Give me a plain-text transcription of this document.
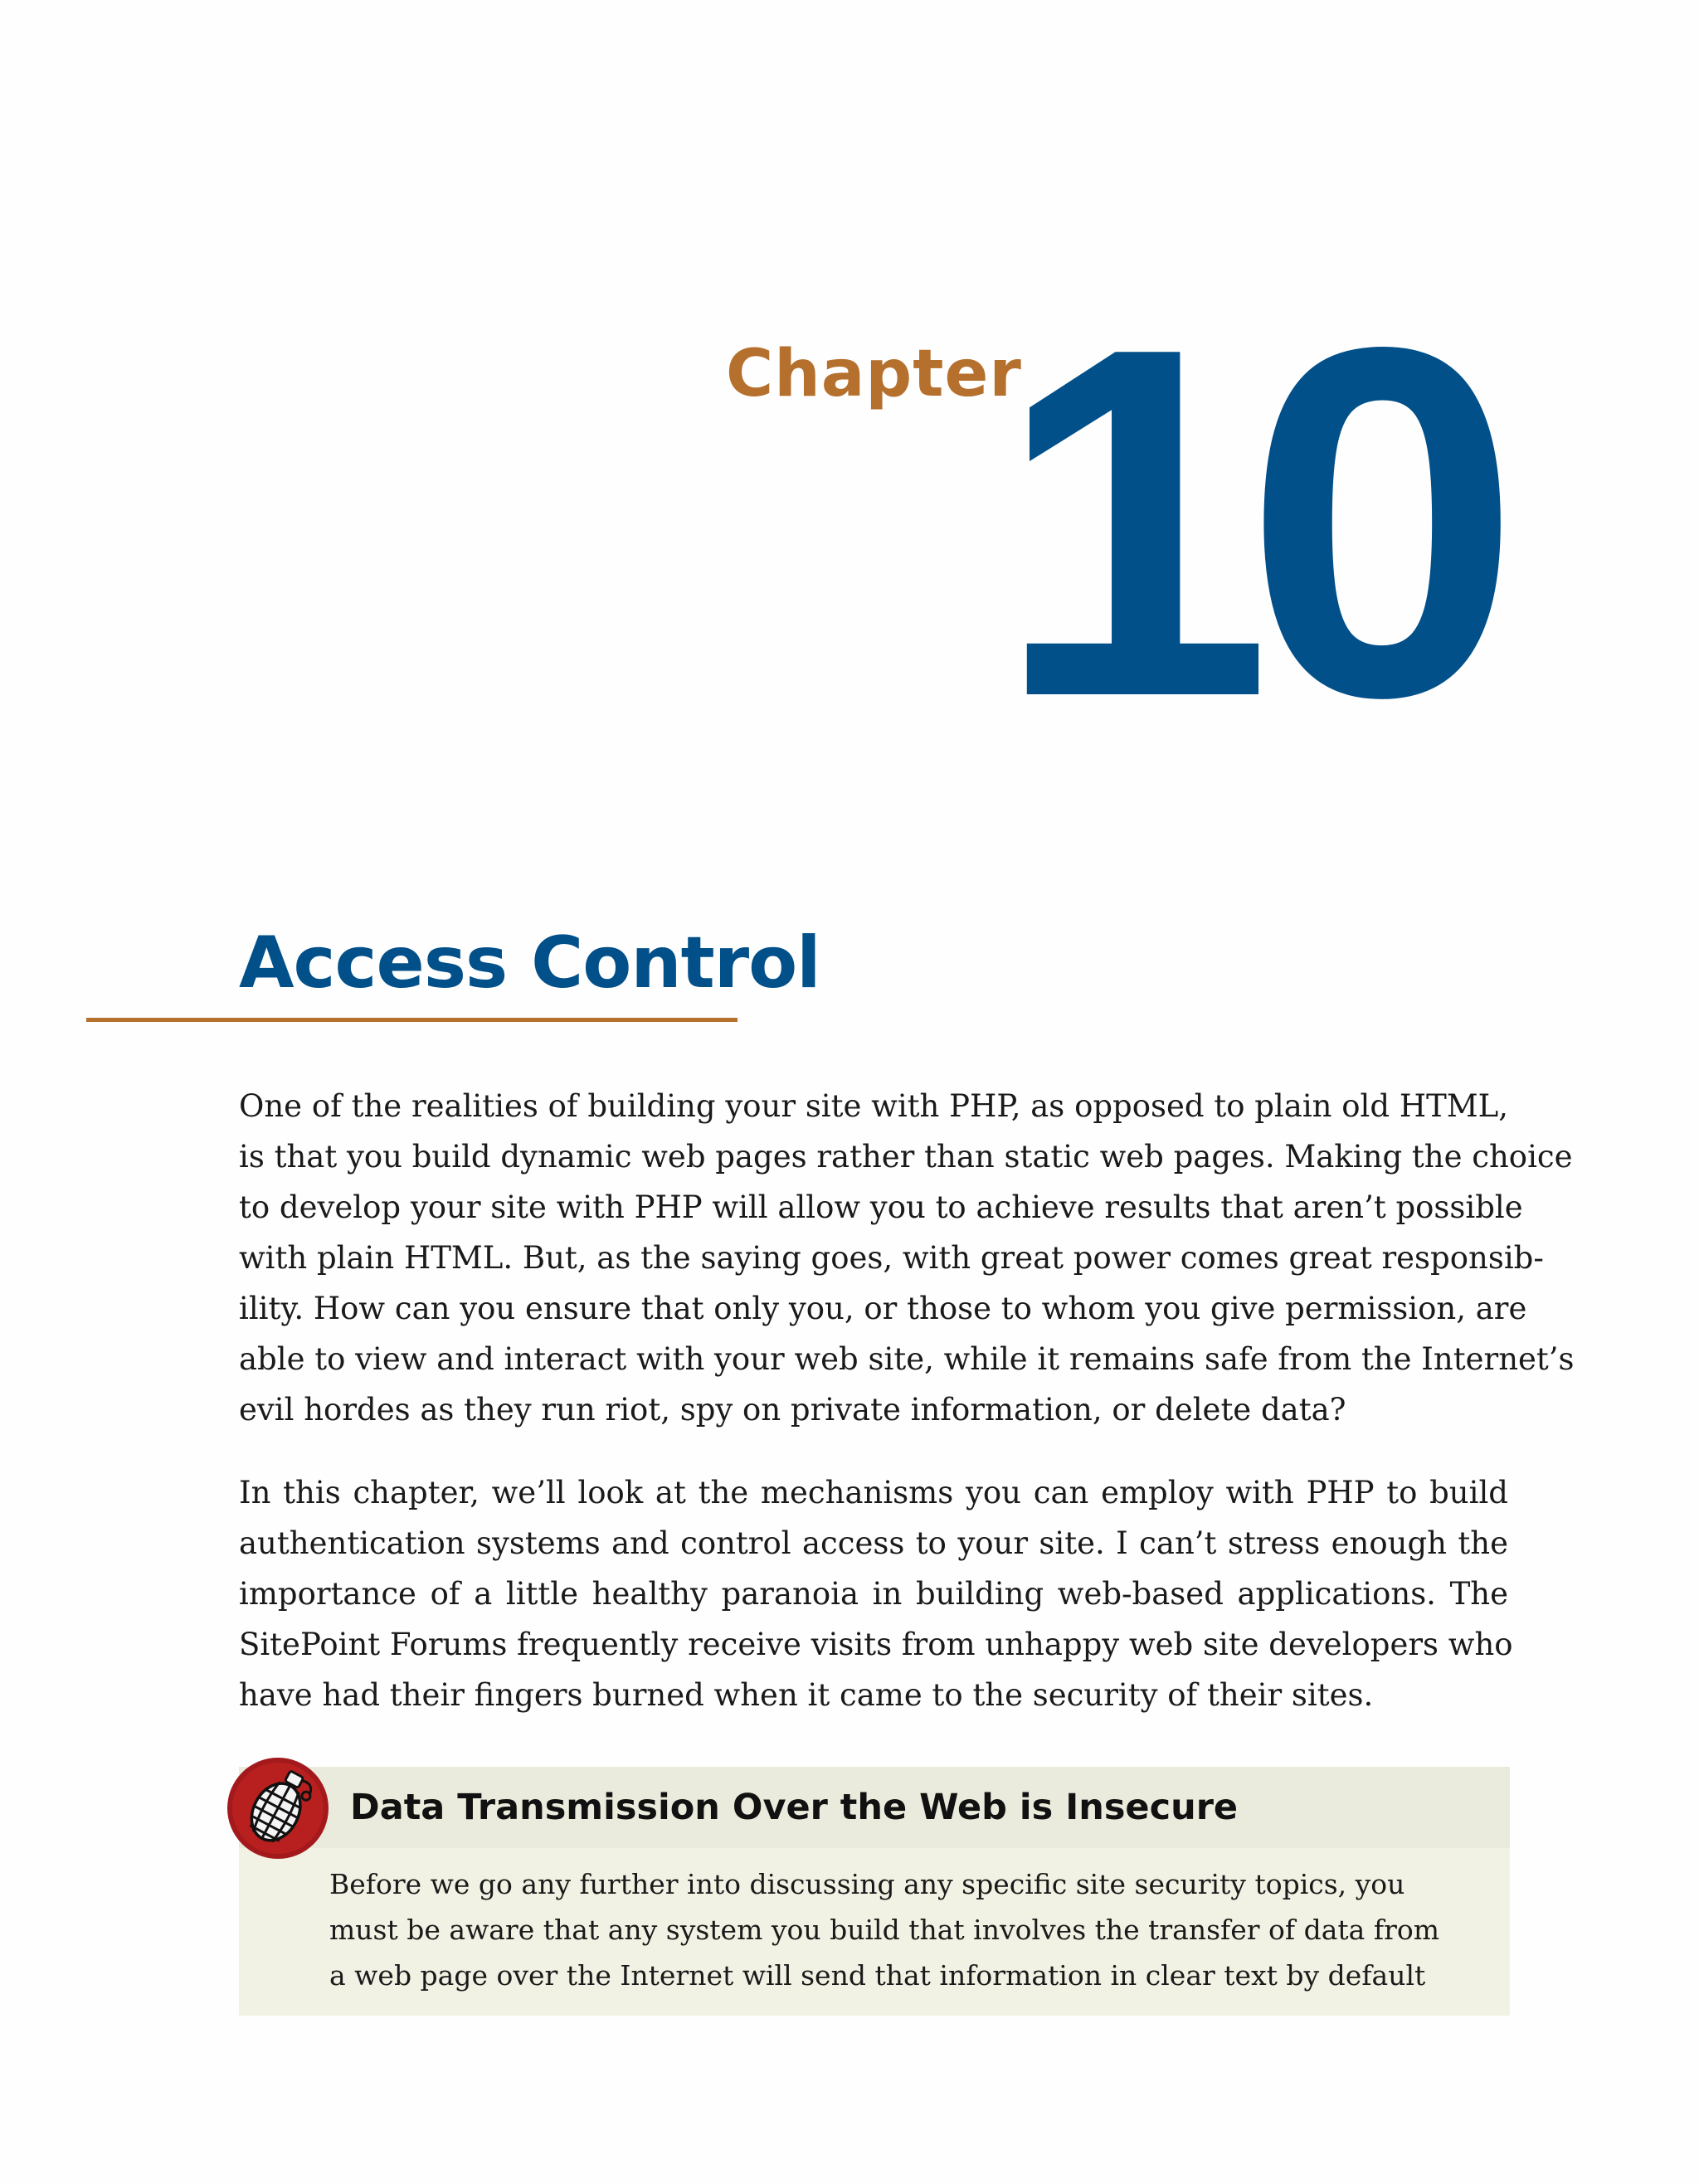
Chapter
10
Access Control
One of the realities of building your site with PHP, as opposed to plain old HTML,
is that you build dynamic web pages rather than static web pages. Making the choice
to develop your site with PHP will allow you to achieve results that aren’t possible
with plain HTML. But, as the saying goes, with great power comes great responsib-
ility. How can you ensure that only you, or those to whom you give permission, are
able to view and interact with your web site, while it remains safe from the Internet’s
evil hordes as they run riot, spy on private information, or delete data?
In this chapter, we’ll look at the mechanisms you can employ with PHP to build
authentication systems and control access to your site. I can’t stress enough the
importance of a little healthy paranoia in building web-based applications. The
SitePoint Forums frequently receive visits from unhappy web site developers who
have had their fingers burned when it came to the security of their sites.
Data Transmission Over the Web is Insecure
Before we go any further into discussing any specific site security topics, you
must be aware that any system you build that involves the transfer of data from
a web page over the Internet will send that information in clear text by default
